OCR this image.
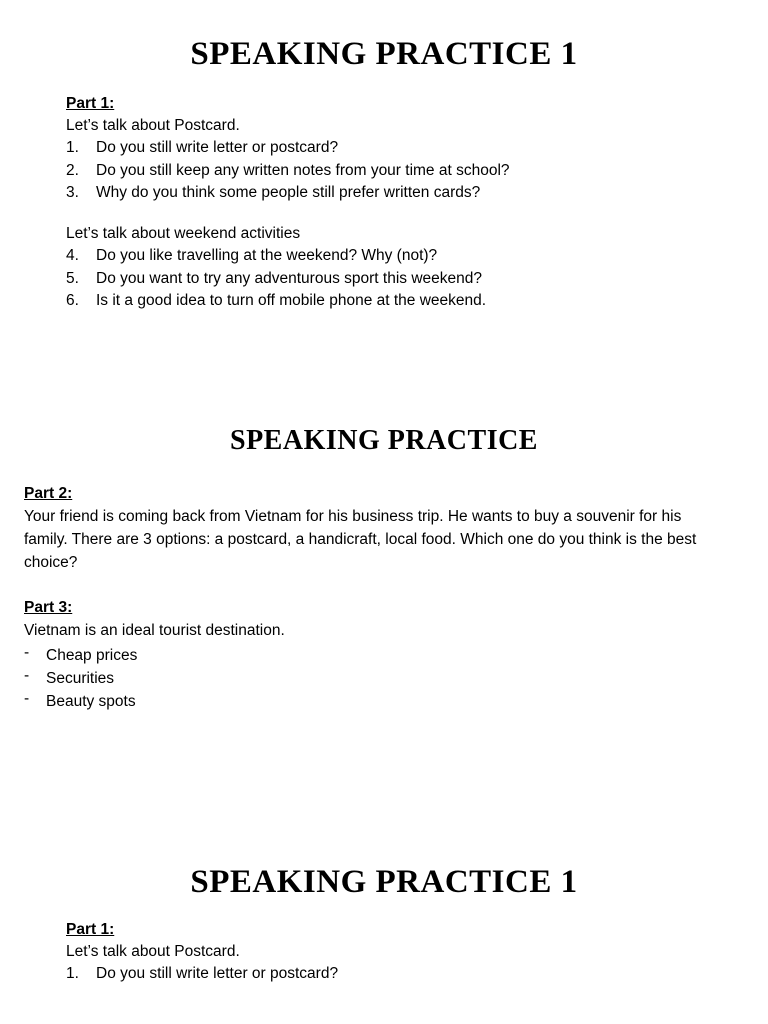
SPEAKING PRACTICE 1
Part 1:

Let’s talk about Postcard.

1.	Do you still write letter or postcard?
2.	Do you still keep any written notes from your time at school?
3.	Why do you think some people still prefer written cards?

Let’s talk about weekend activities

4.	Do you like travelling at the weekend? Why (not)?
5.	Do you want to try any adventurous sport this weekend?
6.	Is it a good idea to turn off mobile phone at the weekend.
SPEAKING PRACTICE
Part 2:

Your friend is coming back from Vietnam for his business trip. He wants to buy a souvenir for his family. There are 3 options: a postcard, a handicraft, local food. Which one do you think is the best choice?

Part 3:

Vietnam is an ideal tourist destination.

-	Cheap prices
-	Securities
-	Beauty spots
SPEAKING PRACTICE 1
Part 1:

Let’s talk about Postcard.

1.	Do you still write letter or postcard?
